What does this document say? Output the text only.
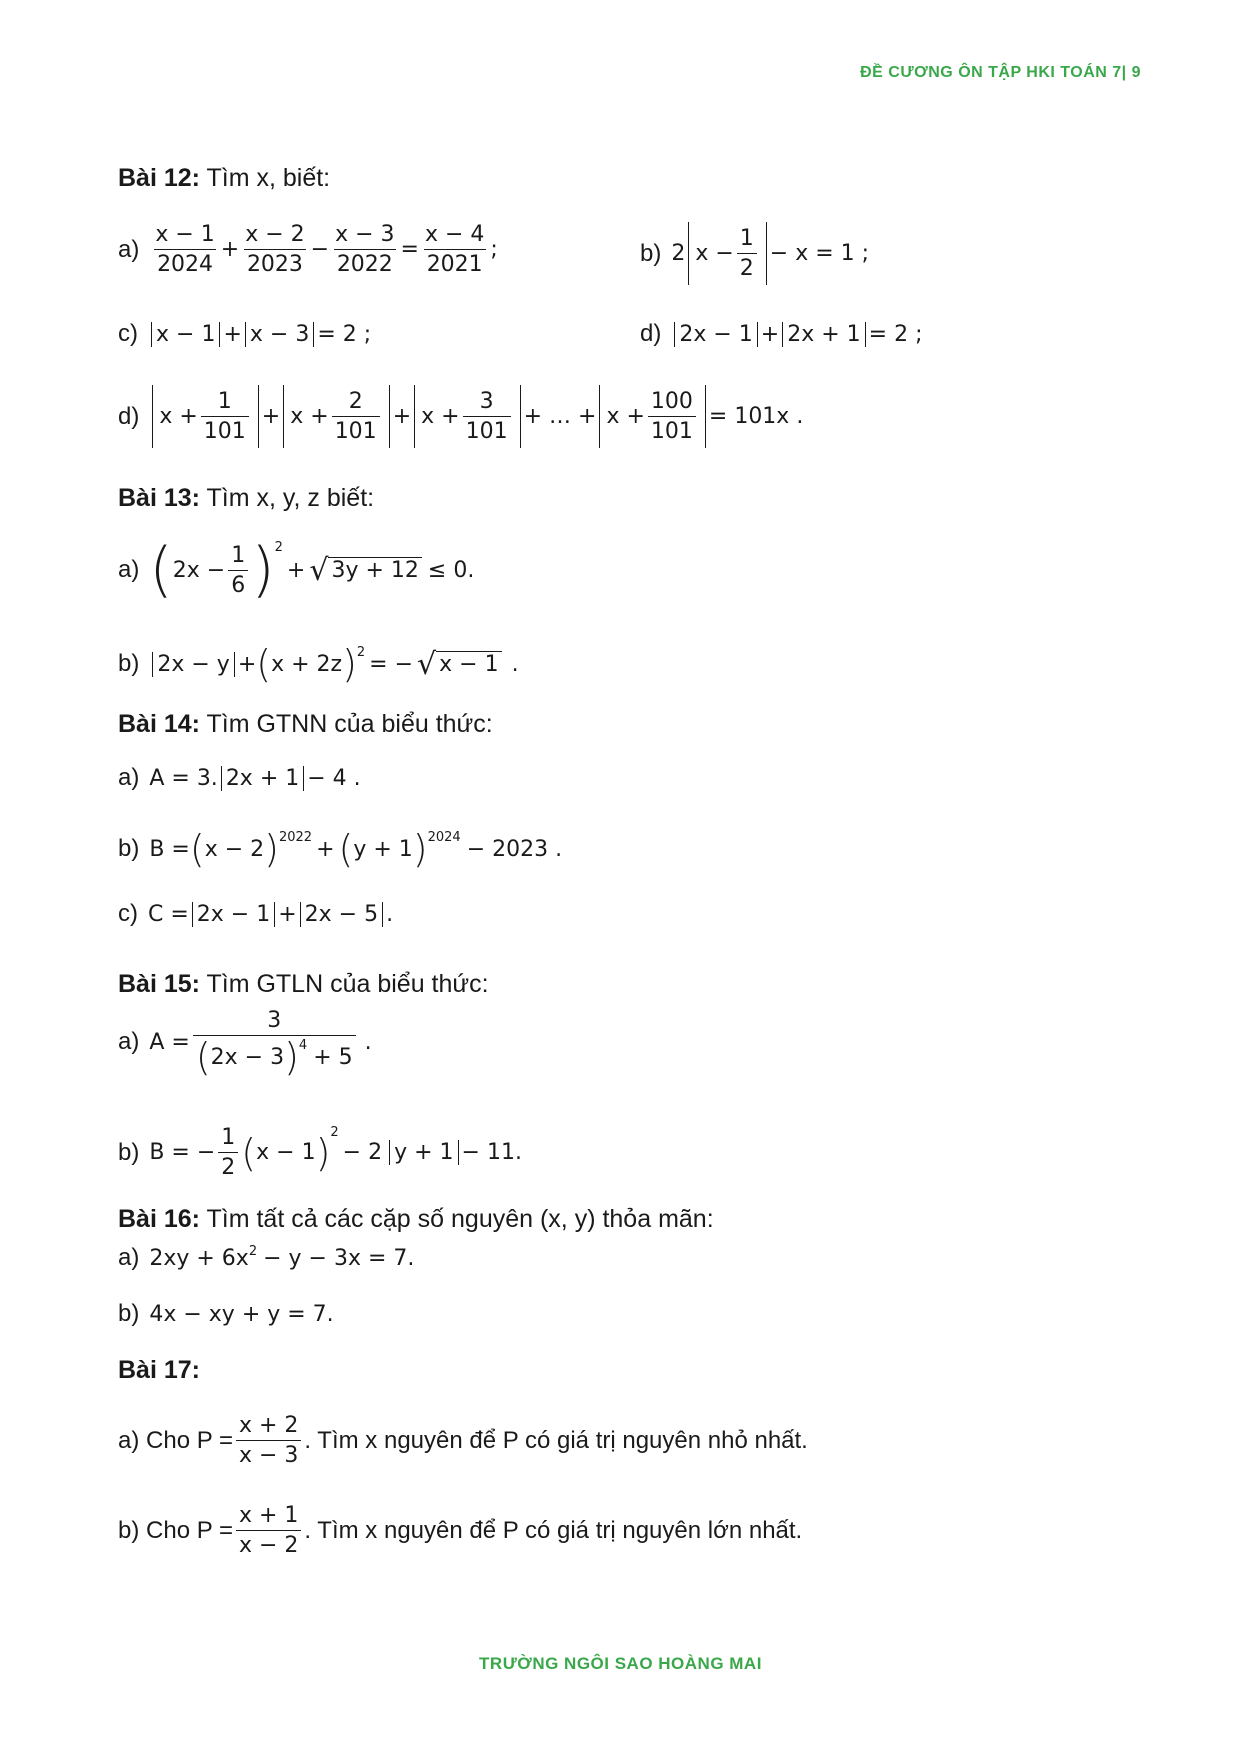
ĐỀ CƯƠNG ÔN TẬP HKI TOÁN 7| 9
Bài 12: Tìm x, biết:
a)
x − 1
2024
+
x − 2
2023
−
x − 3
2022
=
x − 4
2021
;	b) 2 $x - \frac{1}{2} - x = 1$ ;
c) x − 1 + x − 3 = 2 ;	d) 2x − 1 + 2x + 1 = 2 ;
d) $x + \frac{1}{101} + x + \frac{2}{101} + x + \frac{3}{101}$ + … + $x + \frac{100}{101} = 101x$ .
Bài 13: Tìm x, y, z biết:
a) ( $2x - \frac{1}{6} )^2$
+ √ 3y + 12 ≤ 0.
b) 2x − y + ( x + 2z )$^2$ = − √ x − 1 .
Bài 14: Tìm GTNN của biểu thức:
a) A = 3. 2x + 1 − 4 .
b) B = ( x − 2 )$^{2022}$ + ( y + 1 )$^{2024}$ − 2023 .
c) C = 2x − 1 + 2x − 5 .
Bài 15: Tìm GTLN của biểu thức:
a) $A = \frac{3}{( 2x - 3 )^4 + 5}$ .
b) B = − $\frac{1}{2}$ ( x − 1 )$^2$
− 2 y + 1 − 11.
Bài 16: Tìm tất cả các cặp số nguyên (x, y) thỏa mãn:
a) $2xy + 6x^2 - y - 3x = 7$.
b) 4x − xy + y = 7.
Bài 17:
a) Cho $P = \frac{x + 2}{x - 3}$ . Tìm x nguyên để P có giá trị nguyên nhỏ nhất.
b) Cho $P = \frac{x + 1}{x - 2}$ . Tìm x nguyên để P có giá trị nguyên lớn nhất.
TRƯỜNG NGÔI SAO HOÀNG MAI
